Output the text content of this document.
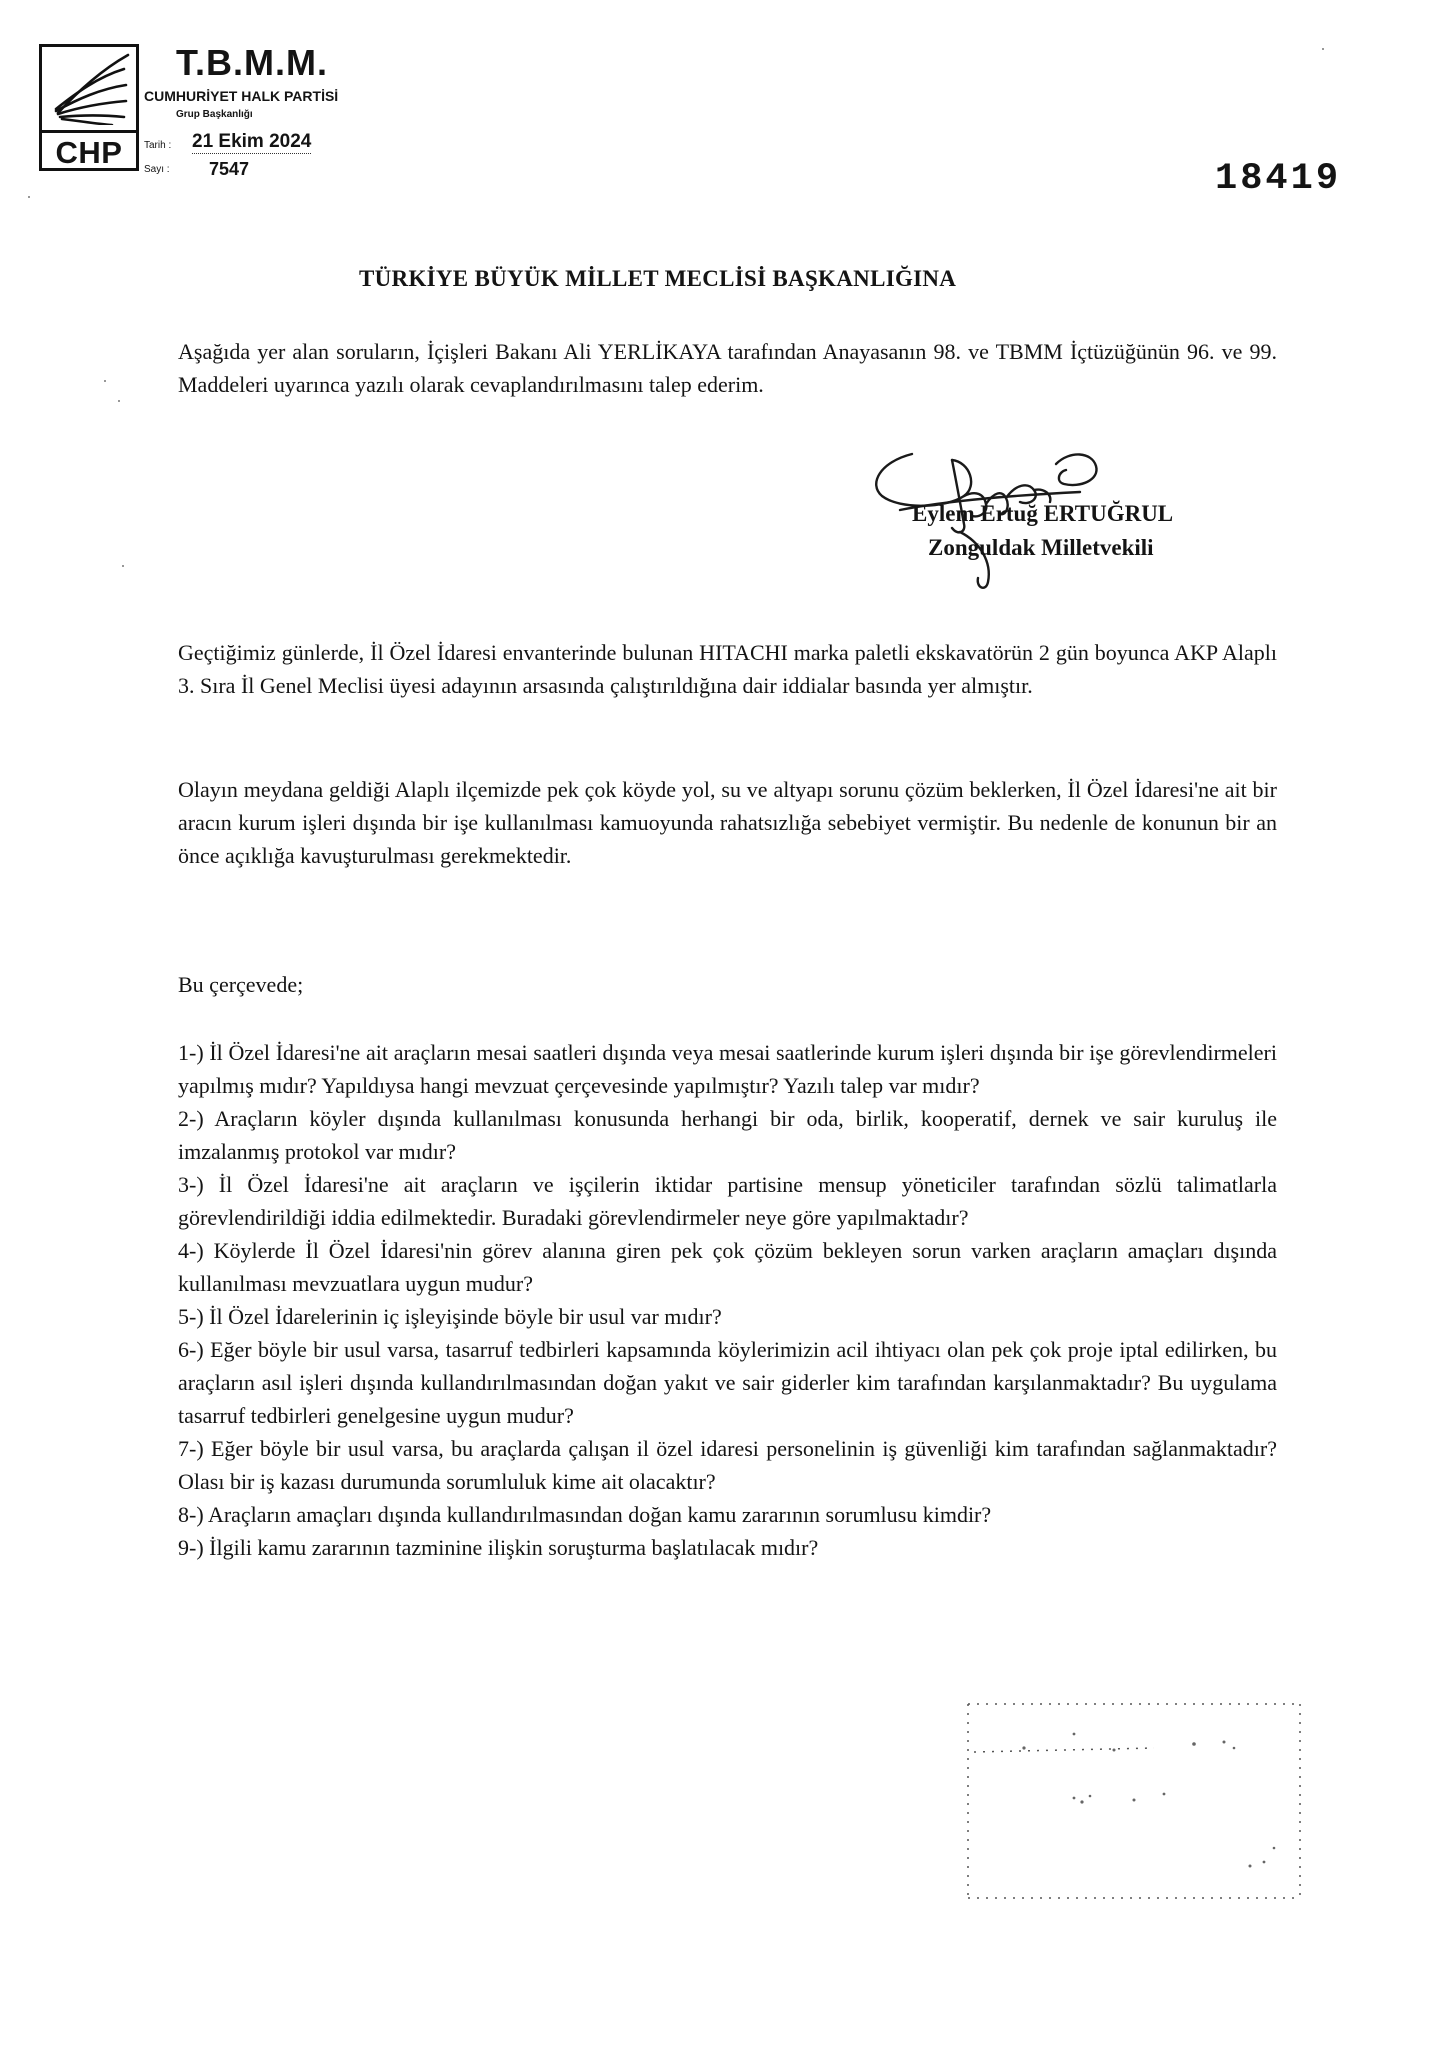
CHP
T.B.M.M.
CUMHURİYET HALK PARTİSİ
Grup Başkanlığı
Tarih : 21 Ekim 2024
Sayı : 7547	18419
TÜRKİYE BÜYÜK MİLLET MECLİSİ BAŞKANLIĞINA
Aşağıda yer alan soruların, İçişleri Bakanı Ali YERLİKAYA tarafından Anayasanın 98. ve TBMM İçtüzüğünün 96. ve 99. Maddeleri uyarınca yazılı olarak cevaplandırılmasını talep ederim.
Eylem Ertuğ ERTUĞRUL
Zonguldak Milletvekili
Geçtiğimiz günlerde, İl Özel İdaresi envanterinde bulunan HITACHI marka paletli ekskavatörün 2 gün boyunca AKP Alaplı 3. Sıra İl Genel Meclisi üyesi adayının arsasında çalıştırıldığına dair iddialar basında yer almıştır.
Olayın meydana geldiği Alaplı ilçemizde pek çok köyde yol, su ve altyapı sorunu çözüm beklerken, İl Özel İdaresi'ne ait bir aracın kurum işleri dışında bir işe kullanılması kamuoyunda rahatsızlığa sebebiyet vermiştir. Bu nedenle de konunun bir an önce açıklığa kavuşturulması gerekmektedir.
Bu çerçevede;
1-) İl Özel İdaresi'ne ait araçların mesai saatleri dışında veya mesai saatlerinde kurum işleri dışında bir işe görevlendirmeleri yapılmış mıdır? Yapıldıysa hangi mevzuat çerçevesinde yapılmıştır? Yazılı talep var mıdır?
2-) Araçların köyler dışında kullanılması konusunda herhangi bir oda, birlik, kooperatif, dernek ve sair kuruluş ile imzalanmış protokol var mıdır?
3-) İl Özel İdaresi'ne ait araçların ve işçilerin iktidar partisine mensup yöneticiler tarafından sözlü talimatlarla görevlendirildiği iddia edilmektedir. Buradaki görevlendirmeler neye göre yapılmaktadır?
4-) Köylerde İl Özel İdaresi'nin görev alanına giren pek çok çözüm bekleyen sorun varken araçların amaçları dışında kullanılması mevzuatlara uygun mudur?
5-) İl Özel İdarelerinin iç işleyişinde böyle bir usul var mıdır?
6-) Eğer böyle bir usul varsa, tasarruf tedbirleri kapsamında köylerimizin acil ihtiyacı olan pek çok proje iptal edilirken, bu araçların asıl işleri dışında kullandırılmasından doğan yakıt ve sair giderler kim tarafından karşılanmaktadır? Bu uygulama tasarruf tedbirleri genelgesine uygun mudur?
7-) Eğer böyle bir usul varsa, bu araçlarda çalışan il özel idaresi personelinin iş güvenliği kim tarafından sağlanmaktadır? Olası bir iş kazası durumunda sorumluluk kime ait olacaktır?
8-) Araçların amaçları dışında kullandırılmasından doğan kamu zararının sorumlusu kimdir?
9-) İlgili kamu zararının tazminine ilişkin soruşturma başlatılacak mıdır?
